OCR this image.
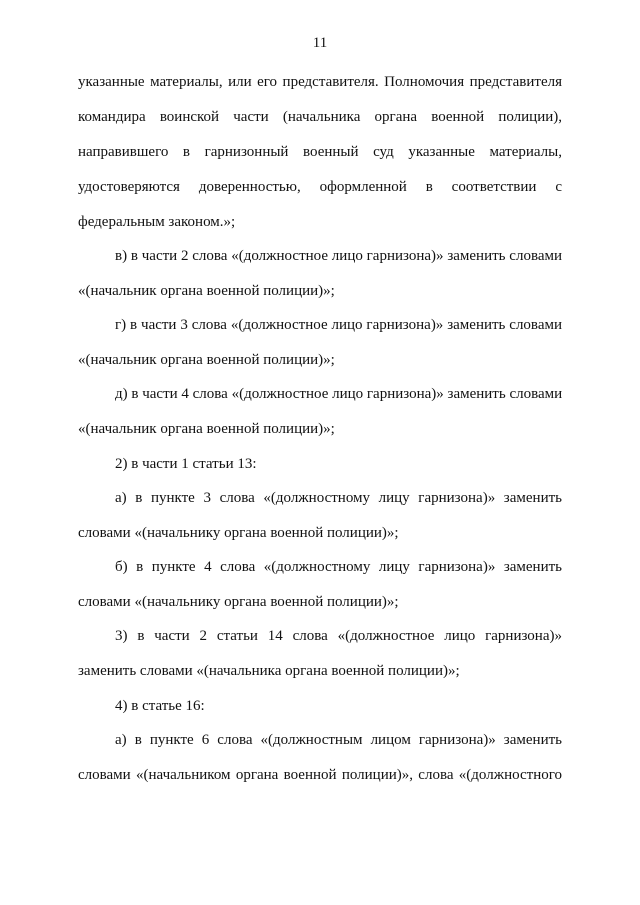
11
указанные материалы, или его представителя. Полномочия представителя
командира воинской части (начальника органа военной полиции),
направившего в гарнизонный военный суд указанные материалы,
удостоверяются доверенностью, оформленной в соответствии с
федеральным законом.»;
в) в части 2 слова «(должностное лицо гарнизона)» заменить словами
«(начальник органа военной полиции)»;
г) в части 3 слова «(должностное лицо гарнизона)» заменить словами
«(начальник органа военной полиции)»;
д) в части 4 слова «(должностное лицо гарнизона)» заменить словами
«(начальник органа военной полиции)»;
2) в части 1 статьи 13:
а) в пункте 3 слова «(должностному лицу гарнизона)» заменить
словами «(начальнику органа военной полиции)»;
б) в пункте 4 слова «(должностному лицу гарнизона)» заменить
словами «(начальнику органа военной полиции)»;
3) в части 2 статьи 14 слова «(должностное лицо гарнизона)»
заменить словами «(начальника органа военной полиции)»;
4) в статье 16:
а) в пункте 6 слова «(должностным лицом гарнизона)» заменить
словами «(начальником органа военной полиции)», слова «(должностного
